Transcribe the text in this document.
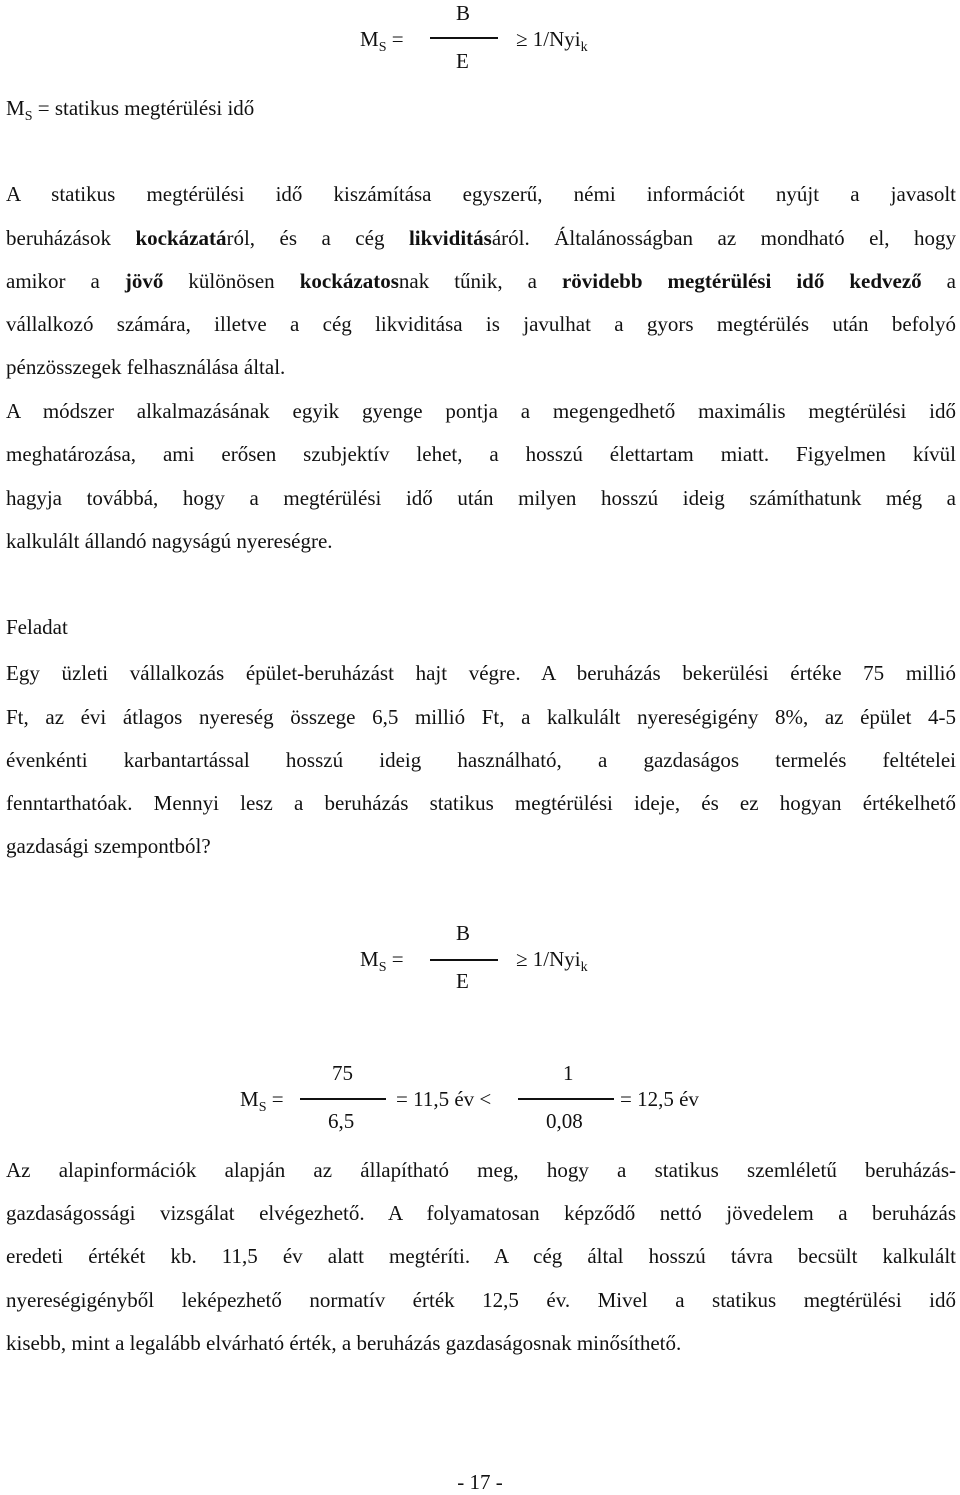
$M_S$ =
B
E
≥ 1/Nyi$_k$
$M_S$ = statikus megtérülési idő
A statikus megtérülési idő kiszámítása egyszerű, némi információt nyújt a javasolt
beruházások kockázatáról, és a cég likviditásáról. Általánosságban az mondható el, hogy
amikor a jövő különösen kockázatosnak tűnik, a rövidebb megtérülési idő kedvező a
vállalkozó számára, illetve a cég likviditása is javulhat a gyors megtérülés után befolyó
pénzösszegek felhasználása által.
A módszer alkalmazásának egyik gyenge pontja a megengedhető maximális megtérülési idő
meghatározása, ami erősen szubjektív lehet, a hosszú élettartam miatt. Figyelmen kívül
hagyja továbbá, hogy a megtérülési idő után milyen hosszú ideig számíthatunk még a
kalkulált állandó nagyságú nyereségre.
Feladat
Egy üzleti vállalkozás épület-beruházást hajt végre. A beruházás bekerülési értéke 75 millió
Ft, az évi átlagos nyereség összege 6,5 millió Ft, a kalkulált nyereségigény 8%, az épület 4-5
évenkénti karbantartással hosszú ideig használható, a gazdaságos termelés feltételei
fenntarthatóak. Mennyi lesz a beruházás statikus megtérülési ideje, és ez hogyan értékelhető
gazdasági szempontból?
$M_S$ =
B
E
≥ 1/Nyi$_k$
$M_S$ =
75
6,5
= 11,5 év <
1
0,08
= 12,5 év
Az alapinformációk alapján az állapítható meg, hogy a statikus szemléletű beruházás-
gazdaságossági vizsgálat elvégezhető. A folyamatosan képződő nettó jövedelem a beruházás
eredeti értékét kb. 11,5 év alatt megtéríti. A cég által hosszú távra becsült kalkulált
nyereségigényből leképezhető normatív érték 12,5 év. Mivel a statikus megtérülési idő
kisebb, mint a legalább elvárható érték, a beruházás gazdaságosnak minősíthető.
- 17 -
